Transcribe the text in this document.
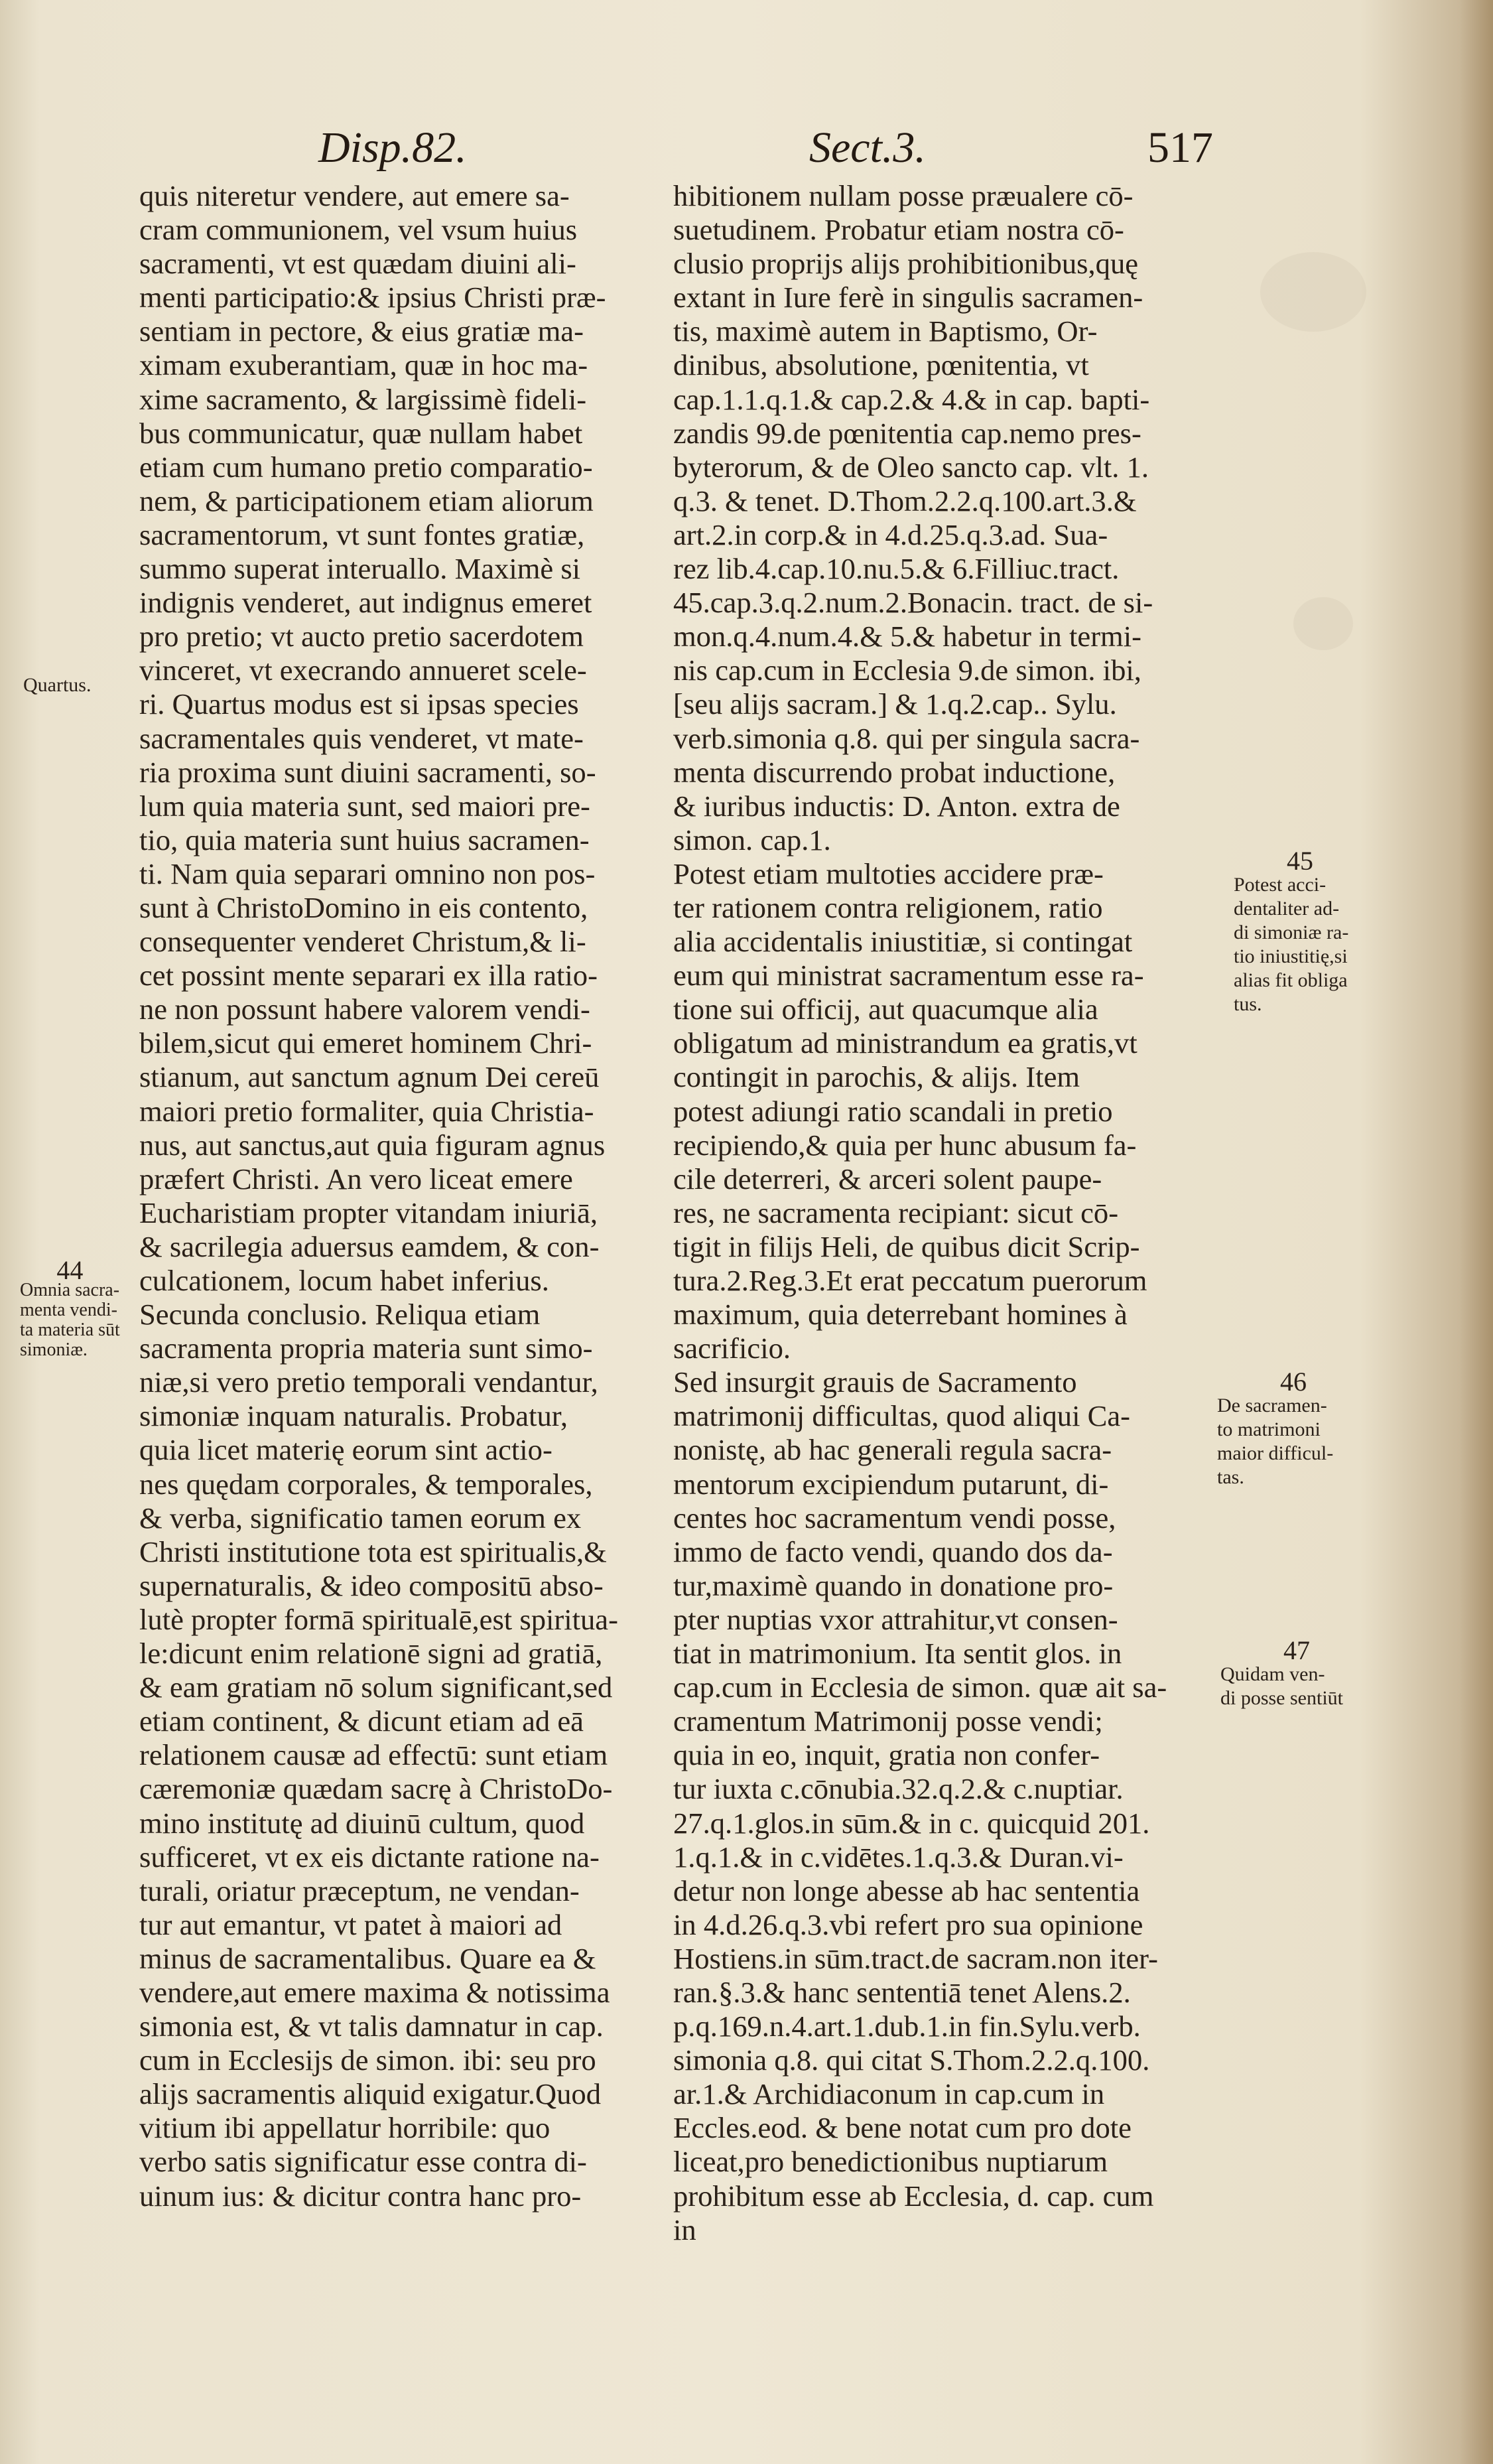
Disp.82.	Sect.3.	517
quis niteretur vendere, aut emere sa-
cram communionem, vel vsum huius
sacramenti, vt est quædam diuini ali-
menti participatio:& ipsius Christi præ-
sentiam in pectore, & eius gratiæ ma-
ximam exuberantiam, quæ in hoc ma-
xime sacramento, & largissimè fideli-
bus communicatur, quæ nullam habet
etiam cum humano pretio comparatio-
nem, & participationem etiam aliorum
sacramentorum, vt sunt fontes gratiæ,
summo superat interuallo. Maximè si
indignis venderet, aut indignus emeret
pro pretio; vt aucto pretio sacerdotem
vinceret, vt execrando annueret scele-
ri. Quartus modus est si ipsas species
sacramentales quis venderet, vt mate-
ria proxima sunt diuini sacramenti, so-
lum quia materia sunt, sed maiori pre-
tio, quia materia sunt huius sacramen-
ti. Nam quia separari omnino non pos-
sunt à ChristoDomino in eis contento,
consequenter venderet Christum,& li-
cet possint mente separari ex illa ratio-
ne non possunt habere valorem vendi-
bilem,sicut qui emeret hominem Chri-
stianum, aut sanctum agnum Dei cereū
maiori pretio formaliter, quia Christia-
nus, aut sanctus,aut quia figuram agnus
præfert Christi. An vero liceat emere
Eucharistiam propter vitandam iniuriā,
& sacrilegia aduersus eamdem, & con-
culcationem, locum habet inferius.
Secunda conclusio. Reliqua etiam
sacramenta propria materia sunt simo-
niæ,si vero pretio temporali vendantur,
simoniæ inquam naturalis. Probatur,
quia licet materię eorum sint actio-
nes quędam corporales, & temporales,
& verba, significatio tamen eorum ex
Christi institutione tota est spiritualis,&
supernaturalis, & ideo compositū abso-
lutè propter formā spiritualē,est spiritua-
le:dicunt enim relationē signi ad gratiā,
& eam gratiam nō solum significant,sed
etiam continent, & dicunt etiam ad eā
relationem causæ ad effectū: sunt etiam
cæremoniæ quædam sacrę à ChristoDo-
mino institutę ad diuinū cultum, quod
sufficeret, vt ex eis dictante ratione na-
turali, oriatur præceptum, ne vendan-
tur aut emantur, vt patet à maiori ad
minus de sacramentalibus. Quare ea &
vendere,aut emere maxima & notissima
simonia est, & vt talis damnatur in cap.
cum in Ecclesijs de simon. ibi: seu pro
alijs sacramentis aliquid exigatur.Quod
vitium ibi appellatur horribile: quo
verbo satis significatur esse contra di-
uinum ius: & dicitur contra hanc pro-
hibitionem nullam posse præualere cō-
suetudinem. Probatur etiam nostra cō-
clusio proprijs alijs prohibitionibus,quę
extant in Iure ferè in singulis sacramen-
tis, maximè autem in Baptismo, Or-
dinibus, absolutione, pœnitentia, vt
cap.1.1.q.1.& cap.2.& 4.& in cap. bapti-
zandis 99.de pœnitentia cap.nemo pres-
byterorum, & de Oleo sancto cap. vlt. 1.
q.3. & tenet. D.Thom.2.2.q.100.art.3.&
art.2.in corp.& in 4.d.25.q.3.ad. Sua-
rez lib.4.cap.10.nu.5.& 6.Filliuc.tract.
45.cap.3.q.2.num.2.Bonacin. tract. de si-
mon.q.4.num.4.& 5.& habetur in termi-
nis cap.cum in Ecclesia 9.de simon. ibi,
[seu alijs sacram.] & 1.q.2.cap.. Sylu.
verb.simonia q.8. qui per singula sacra-
menta discurrendo probat inductione,
& iuribus inductis: D. Anton. extra de
simon. cap.1.
Potest etiam multoties accidere præ-
ter rationem contra religionem, ratio
alia accidentalis iniustitiæ, si contingat
eum qui ministrat sacramentum esse ra-
tione sui officij, aut quacumque alia
obligatum ad ministrandum ea gratis,vt
contingit in parochis, & alijs. Item
potest adiungi ratio scandali in pretio
recipiendo,& quia per hunc abusum fa-
cile deterreri, & arceri solent paupe-
res, ne sacramenta recipiant: sicut cō-
tigit in filijs Heli, de quibus dicit Scrip-
tura.2.Reg.3.Et erat peccatum puerorum
maximum, quia deterrebant homines à
sacrificio.
Sed insurgit grauis de Sacramento
matrimonij difficultas, quod aliqui Ca-
nonistę, ab hac generali regula sacra-
mentorum excipiendum putarunt, di-
centes hoc sacramentum vendi posse,
immo de facto vendi, quando dos da-
tur,maximè quando in donatione pro-
pter nuptias vxor attrahitur,vt consen-
tiat in matrimonium. Ita sentit glos. in
cap.cum in Ecclesia de simon. quæ ait sa-
cramentum Matrimonij posse vendi;
quia in eo, inquit, gratia non confer-
tur iuxta c.cōnubia.32.q.2.& c.nuptiar.
27.q.1.glos.in sūm.& in c. quicquid 201.
1.q.1.& in c.vidētes.1.q.3.& Duran.vi-
detur non longe abesse ab hac sententia
in 4.d.26.q.3.vbi refert pro sua opinione
Hostiens.in sūm.tract.de sacram.non iter-
ran.§.3.& hanc sententiā tenet Alens.2.
p.q.169.n.4.art.1.dub.1.in fin.Sylu.verb.
simonia q.8. qui citat S.Thom.2.2.q.100.
ar.1.& Archidiaconum in cap.cum in
Eccles.eod. & bene notat cum pro dote
liceat,pro benedictionibus nuptiarum
prohibitum esse ab Ecclesia, d. cap. cum
in
Quartus.
44
Omnia sacra-
menta vendi-
ta materia sūt
simoniæ.
45
Potest acci-
dentaliter ad-
di simoniæ ra-
tio iniustitię,si
alias fit obliga
tus.
46
De sacramen-
to matrimoni
maior difficul-
tas.
47
Quidam ven-
di posse sentiūt
